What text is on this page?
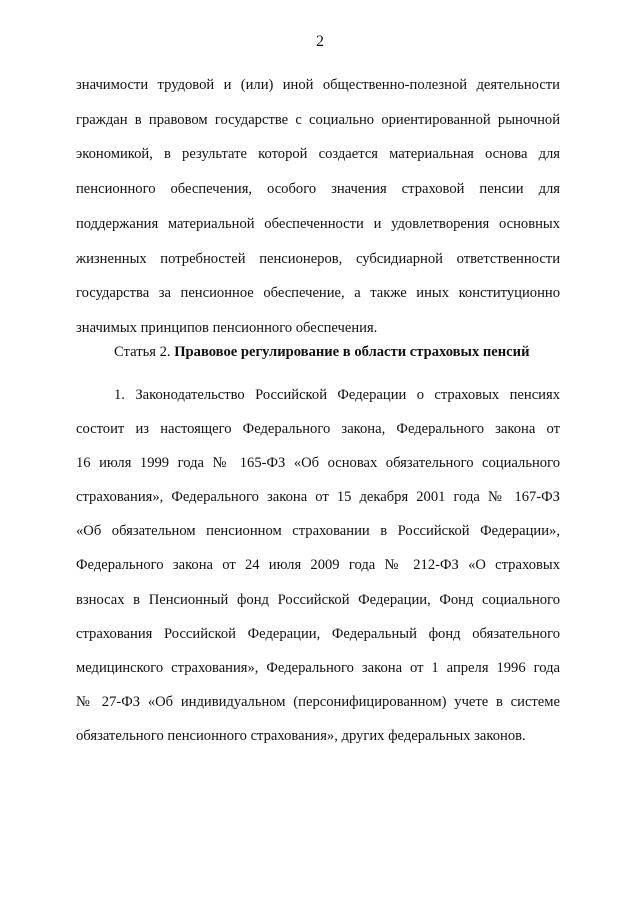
2

значимости трудовой и (или) иной общественно-полезной деятельности

граждан в правовом государстве с социально ориентированной рыночной

экономикой, в результате которой создается материальная основа для

пенсионного обеспечения, особого значения страховой пенсии для

поддержания материальной обеспеченности и удовлетворения основных

жизненных потребностей пенсионеров, субсидиарной ответственности

государства за пенсионное обеспечение, а также иных конституционно

значимых принципов пенсионного обеспечения.

Статья 2. Правовое регулирование в области страховых пенсий

1. Законодательство Российской Федерации о страховых пенсиях

состоит из настоящего Федерального закона, Федерального закона от

16 июля 1999 года № 165-ФЗ «Об основах обязательного социального

страхования», Федерального закона от 15 декабря 2001 года № 167-ФЗ

«Об обязательном пенсионном страховании в Российской Федерации»,

Федерального закона от 24 июля 2009 года № 212-ФЗ «О страховых

взносах в Пенсионный фонд Российской Федерации, Фонд социального

страхования Российской Федерации, Федеральный фонд обязательного

медицинского страхования», Федерального закона от 1 апреля 1996 года

№ 27-ФЗ «Об индивидуальном (персонифицированном) учете в системе

обязательного пенсионного страхования», других федеральных законов.
